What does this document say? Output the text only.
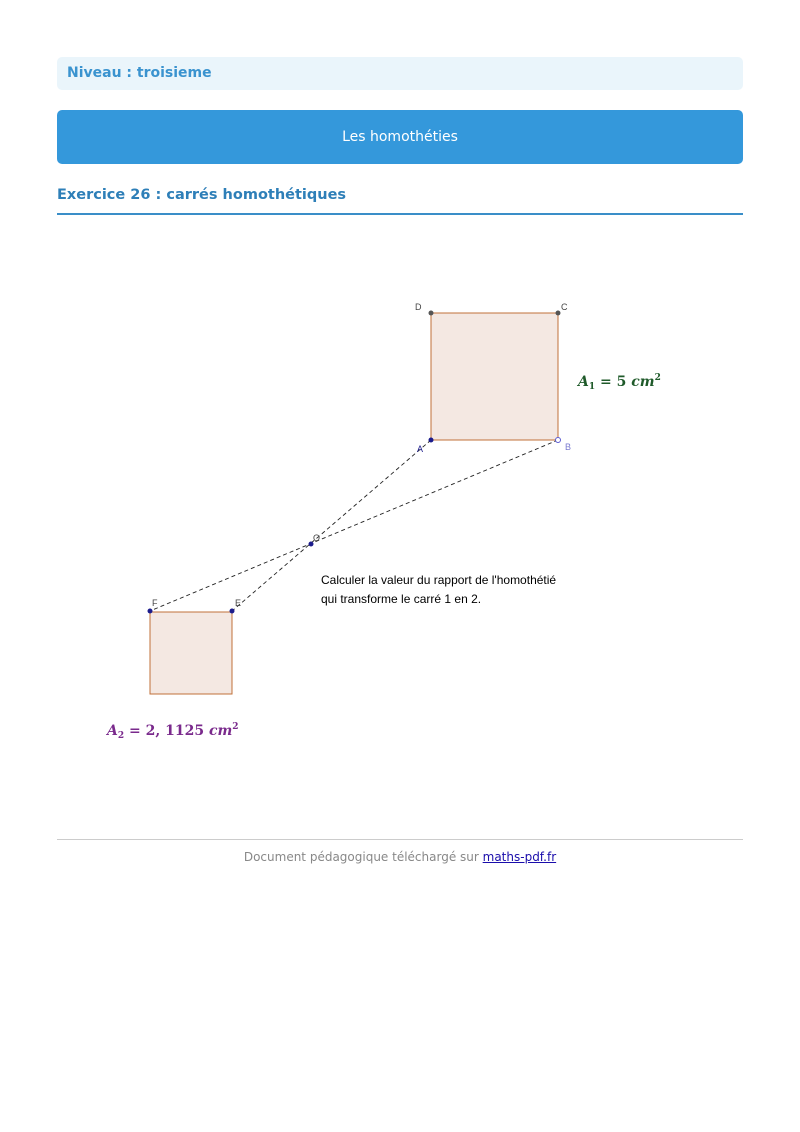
Niveau : troisieme
Les homothéties
Exercice 26 : carrés homothétiques
D	C
A	B
O
F	E
$A_1 = 5$ $cm^2$
Calculer la valeur du rapport de l'homothétié
qui transforme le carré 1 en 2.
$A_2 = 2$, 1125 $cm^2$
Document pédagogique téléchargé sur maths-pdf.fr
